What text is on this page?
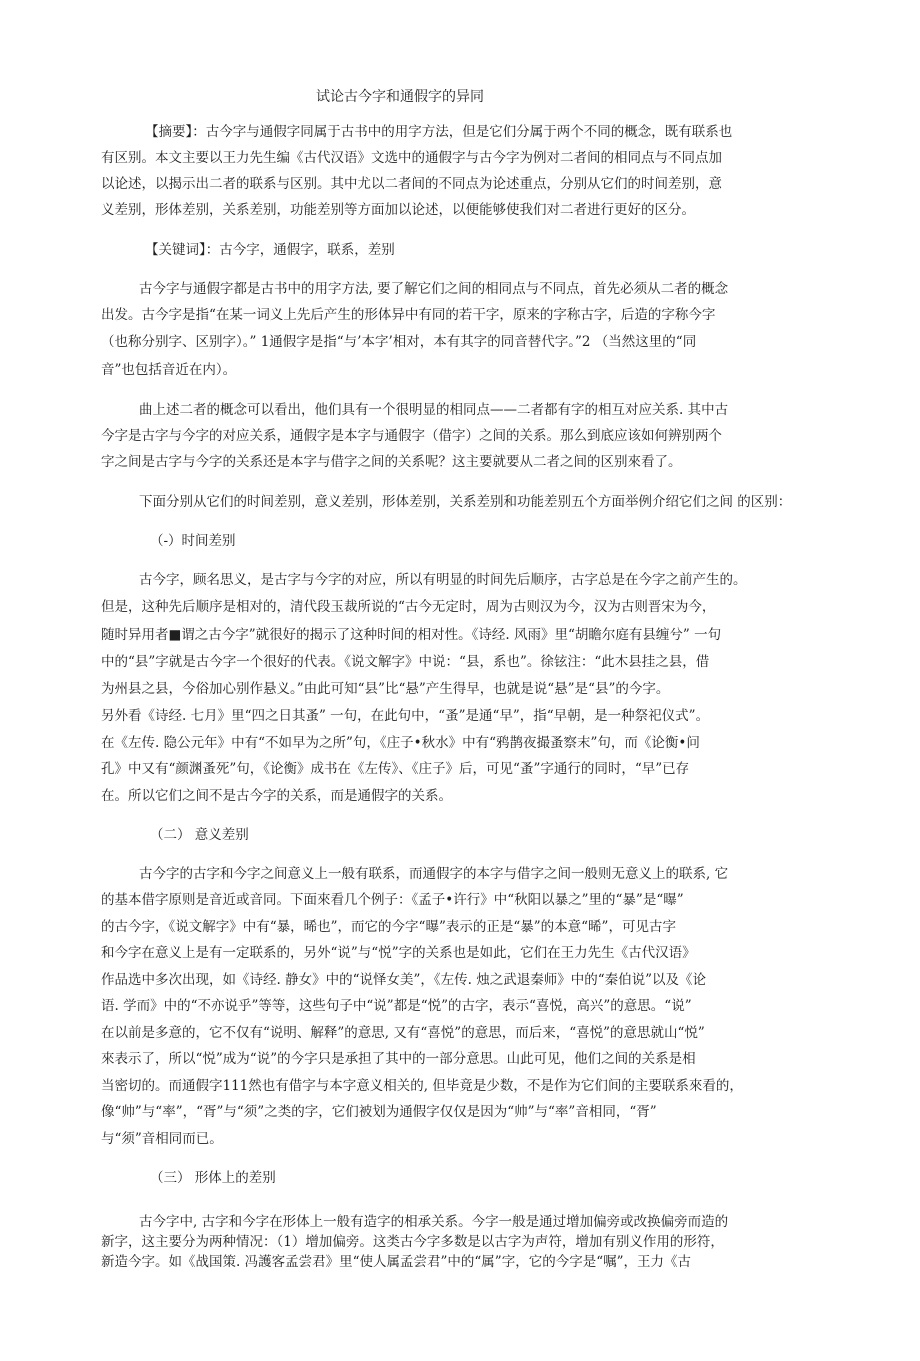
试论古今字和通假字的异同
【摘要】：古今字与通假字同属于古书中的用字方法，但是它们分属于两个不同的概念，既有联系也
有区别。本文主要以王力先生编《古代汉语》文选中的通假字与古今字为例对二者间的相同点与不同点加
以论述，以揭示出二者的联系与区别。其中尤以二者间的不同点为论述重点，分别从它们的时间差别，意
义差别，形体差别，关系差别，功能差别等方面加以论述，以便能够使我们对二者进行更好的区分。
【关键词】：古今字，通假字，联系，差别
古今字与通假字都是古书中的用字方法, 要了解它们之间的相同点与不同点，首先必须从二者的概念
出发。古今字是指“在某一词义上先后产生的形体异中有同的若干字，原来的字称古字，后造的字称今字
（也称分别字、区别字）。” 1通假字是指“与’本字’相对，本有其字的同音替代字。”2 （当然这里的“同
音”也包括音近在内）。
曲上述二者的概念可以看出，他们具有一个很明显的相同点——二者都有字的相互对应关系. 其中古
今字是古字与今字的对应关系，通假字是本字与通假字（借字）之间的关系。那么到底应该如何辨别两个
字之间是古字与今字的关系还是本字与借字之间的关系呢？这主要就要从二者之间的区别來看了。
下面分别从它们的时间差别，意义差别，形体差别，关系差别和功能差别五个方面举例介绍它们之间 的区别：
（-）时间差别
古今字，顾名思义，是古字与今字的对应，所以有明显的时间先后顺序，古字总是在今字之前产生的。
但是，这种先后顺序是相对的，清代段玉裁所说的“古今无定时，周为古则汉为今，汉为古则晋宋为今，
随时异用者■谓之古今字”就很好的揭示了这种时间的相对性。《诗经. 风雨》里“胡瞻尔庭有县缠兮” 一句
中的“县”字就是古今字一个很好的代表。《说文解字》中说：“县，系也”。徐铉注：“此木县挂之县，借
为州县之县，今俗加心别作悬义。”由此可知“县”比“悬”产生得早，也就是说“悬”是“县”的今字。
另外看《诗经. 七月》里“四之日其蚤” 一句，在此句中，“蚤”是通“早”，指“早朝，是一种祭祀仪式”。
在《左传. 隐公元年》中有“不如早为之所”句，《庄子•秋水》中有“鸦鹊夜撮蚤察末”句，而《论衡•问
孔》中又有“颜渊蚤死”句，《论衡》成书在《左传》、《庄子》后，可见“蚤”字通行的同时，“早”已存
在。所以它们之间不是古今字的关系，而是通假字的关系。
（二） 意义差别
古今字的古字和今字之间意义上一般有联系，而通假字的本字与借字之间一般则无意义上的联系, 它
的基本借字原则是音近或音同。下面來看几个例子：《孟子•许行》中“秋阳以暴之”里的“暴”是“曝”
的古今字，《说文解字》中有“暴，晞也”，而它的今字“曝”表示的正是“暴”的本意“晞”，可见古字
和今字在意义上是有一定联系的，另外“说”与“悦”字的关系也是如此，它们在王力先生《古代汉语》
作品选中多次出现，如《诗经. 静女》中的“说怿女美”，《左传. 烛之武退秦师》中的“秦伯说”以及《论
语. 学而》中的“不亦说乎”等等，这些句子中“说”都是“悦”的古字，表示“喜悦，高兴”的意思。“说”
在以前是多意的，它不仅有“说明、解释”的意思, 又有“喜悦”的意思，而后来，“喜悦”的意思就山“悦”
來表示了，所以“悦”成为“说”的今字只是承担了其中的一部分意思。山此可见，他们之间的关系是相
当密切的。而通假字111然也有借字与本字意义相关的, 但毕竟是少数，不是作为它们间的主要联系來看的，
像“帅”与“率”，“胥”与“须”之类的字，它们被划为通假字仅仅是因为“帅”与“率”音相同，“胥”
与“须”音相同而已。
（三） 形体上的差别
古今字中, 古字和今字在形体上一般有造字的相承关系。今字一般是通过增加偏旁或改换偏旁而造的
新字，这主要分为两种情况：（1）增加偏旁。这类古今字多数是以古字为声符，增加有别义作用的形符，
新造今字。如《战国策. 冯護客孟尝君》里“使人属孟尝君”中的“属”字，它的今字是“嘱”，王力《古
